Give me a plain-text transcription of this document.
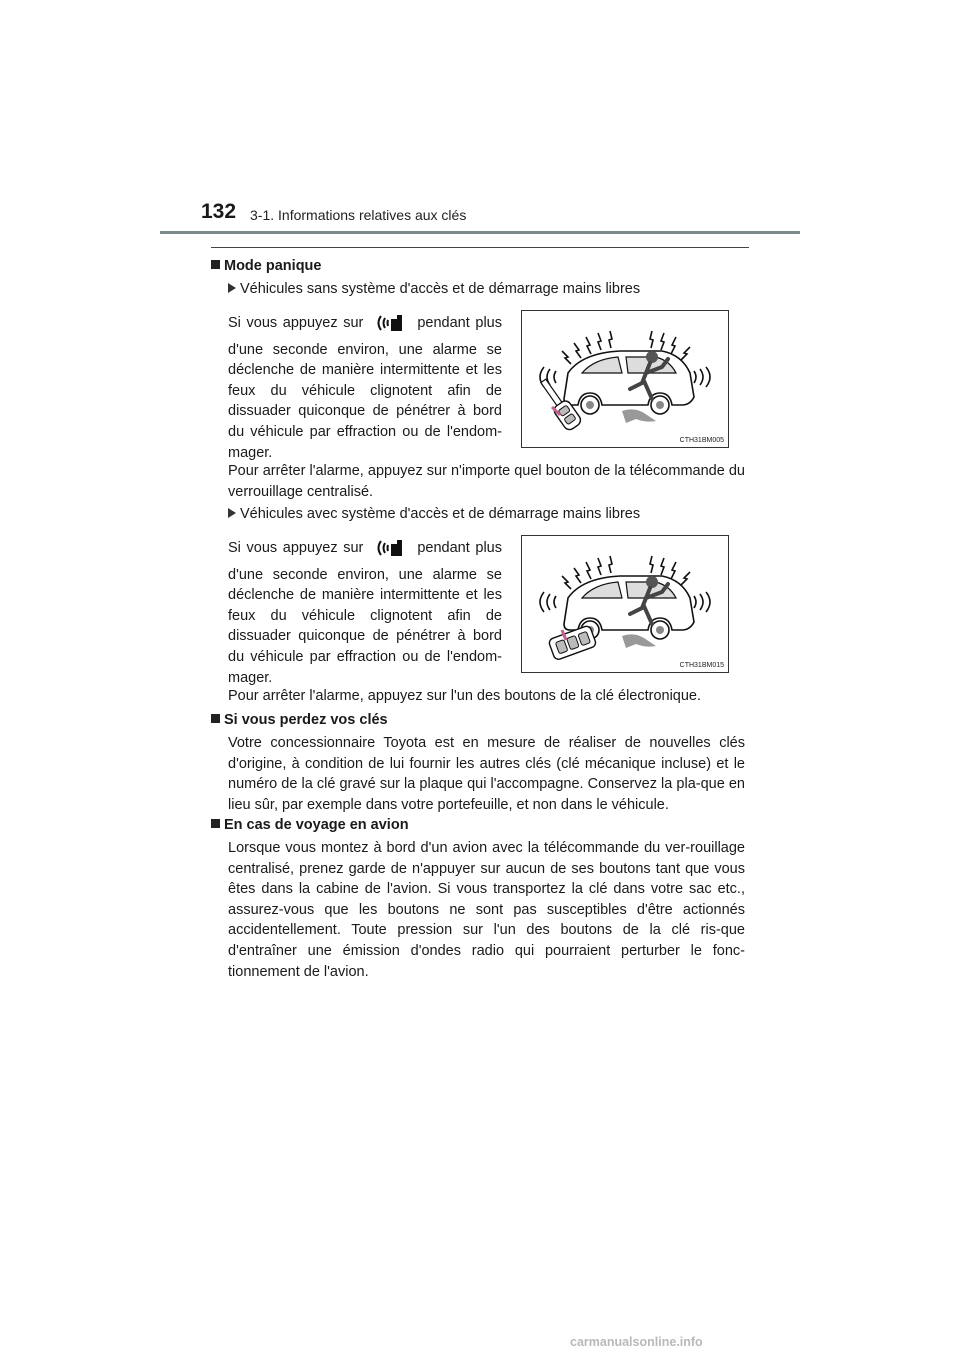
132 3-1. Informations relatives aux clés
Mode panique
Véhicules sans système d'accès et de démarrage mains libres

Si vous appuyez sur	pendant plus d'une seconde environ, une alarme se déclenche de manière intermittente et les feux du véhicule clignotent afin de dissuader quiconque de pénétrer à bord du véhicule par effraction ou de l'endom-mager.

CTH31BM005

Pour arrêter l'alarme, appuyez sur n'importe quel bouton de la télécommande du verrouillage centralisé.

Véhicules avec système d'accès et de démarrage mains libres

Si vous appuyez sur	pendant plus d'une seconde environ, une alarme se déclenche de manière intermittente et les feux du véhicule clignotent afin de dissuader quiconque de pénétrer à bord du véhicule par effraction ou de l'endom-mager.

CTH31BM015

Pour arrêter l'alarme, appuyez sur l'un des boutons de la clé électronique.

Si vous perdez vos clés

Votre concessionnaire Toyota est en mesure de réaliser de nouvelles clés d'origine, à condition de lui fournir les autres clés (clé mécanique incluse) et le numéro de la clé gravé sur la plaque qui l'accompagne. Conservez la pla-que en lieu sûr, par exemple dans votre portefeuille, et non dans le véhicule.

En cas de voyage en avion

Lorsque vous montez à bord d'un avion avec la télécommande du ver-rouillage centralisé, prenez garde de n'appuyer sur aucun de ses boutons tant que vous êtes dans la cabine de l'avion. Si vous transportez la clé dans votre sac etc., assurez-vous que les boutons ne sont pas susceptibles d'être actionnés accidentellement. Toute pression sur l'un des boutons de la clé ris-que d'entraîner une émission d'ondes radio qui pourraient perturber le fonc-tionnement de l'avion.

carmanualsonline.info
